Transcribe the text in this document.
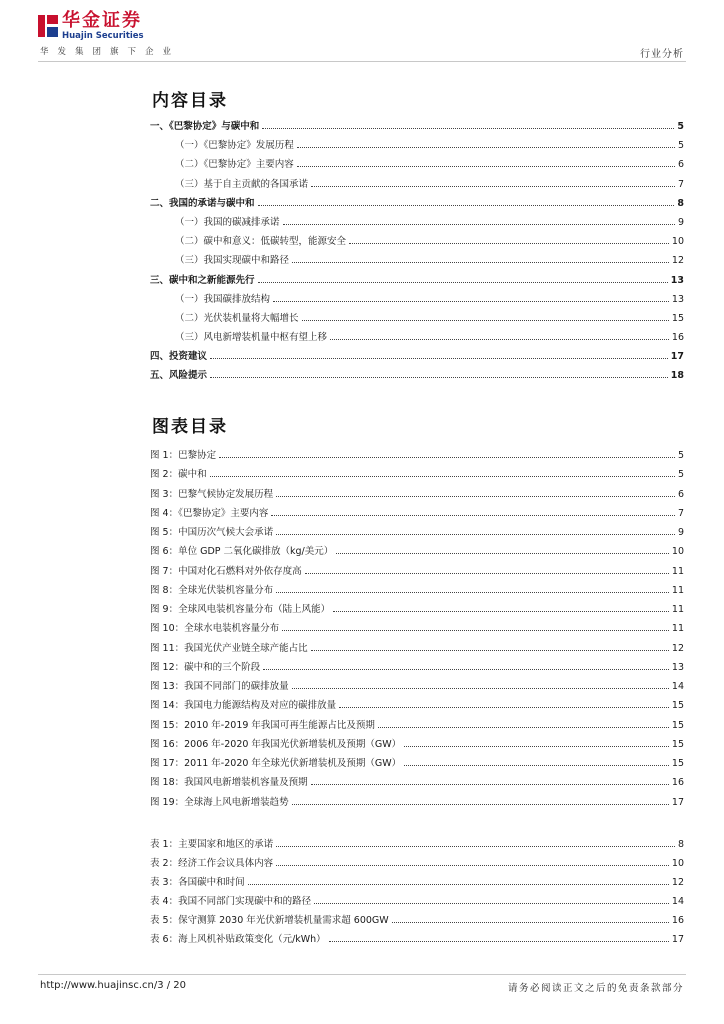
华金证券
Huajin Securities
华发集团旗下企业	行业分析
内容目录
一、《巴黎协定》与碳中和	5
（一）《巴黎协定》发展历程	5
（二）《巴黎协定》主要内容	6
（三）基于自主贡献的各国承诺	7
二、我国的承诺与碳中和	8
（一）我国的碳减排承诺	9
（二）碳中和意义：低碳转型，能源安全	10
（三）我国实现碳中和路径	12
三、碳中和之新能源先行	13
（一）我国碳排放结构	13
（二）光伏装机量将大幅增长	15
（三）风电新增装机量中枢有望上移	16
四、投资建议	17
五、风险提示	18
图表目录
图 1：巴黎协定	5
图 2：碳中和	5
图 3：巴黎气候协定发展历程	6
图 4：《巴黎协定》主要内容	7
图 5：中国历次气候大会承诺	9
图 6：单位 GDP 二氧化碳排放（kg/美元）	10
图 7：中国对化石燃料对外依存度高	11
图 8：全球光伏装机容量分布	11
图 9：全球风电装机容量分布（陆上风能）	11
图 10：全球水电装机容量分布	11
图 11：我国光伏产业链全球产能占比	12
图 12：碳中和的三个阶段	13
图 13：我国不同部门的碳排放量	14
图 14：我国电力能源结构及对应的碳排放量	15
图 15：2010 年-2019 年我国可再生能源占比及预期	15
图 16：2006 年-2020 年我国光伏新增装机及预期（GW）	15
图 17：2011 年-2020 年全球光伏新增装机及预期（GW）	15
图 18：我国风电新增装机容量及预期	16
图 19：全球海上风电新增装趋势	17
表 1：主要国家和地区的承诺	8
表 2：经济工作会议具体内容	10
表 3：各国碳中和时间	12
表 4：我国不同部门实现碳中和的路径	14
表 5：保守测算 2030 年光伏新增装机量需求超 600GW	16
表 6：海上风机补贴政策变化（元/kWh）	17
http://www.huajinsc.cn/3 / 20	请务必阅读正文之后的免责条款部分
